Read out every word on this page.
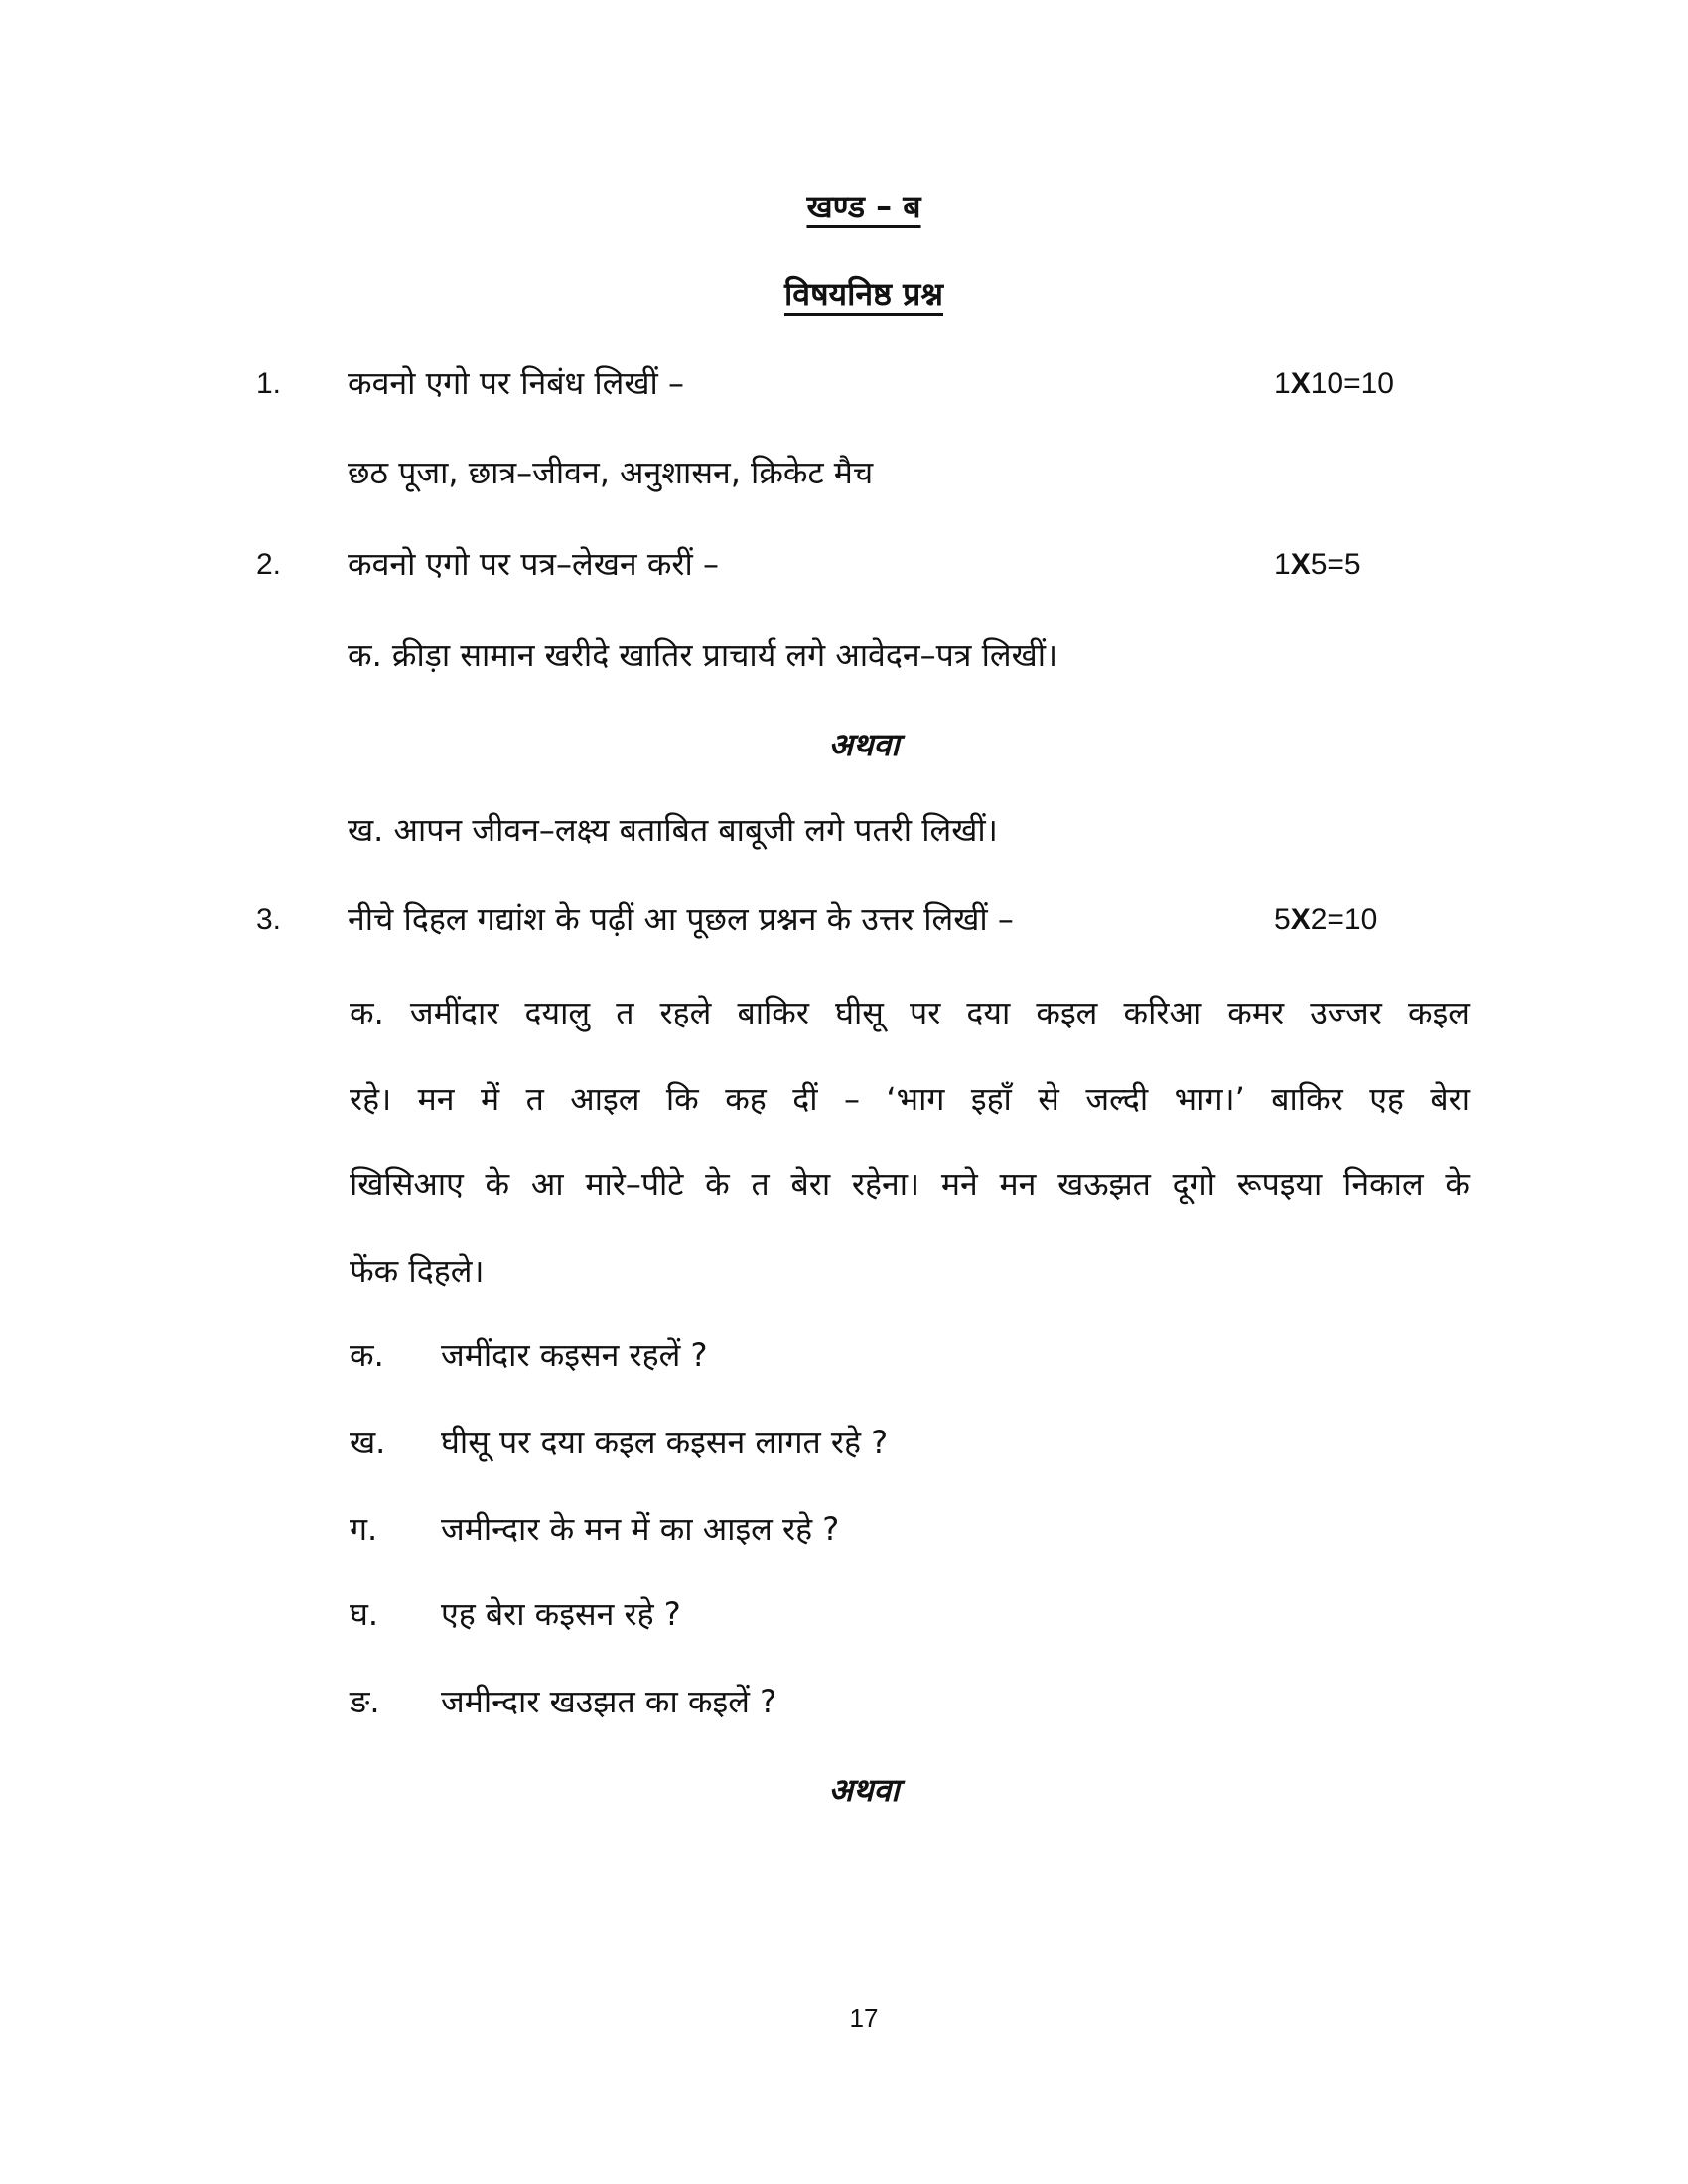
खण्ड – ब
विषयनिष्ठ प्रश्न
1. कवनो एगो पर निबंध लिखीं –	1X10=10
छठ पूजा, छात्र–जीवन, अनुशासन, क्रिकेट मैच
2. कवनो एगो पर पत्र–लेखन करीं –	1X5=5
क. क्रीड़ा सामान खरीदे खातिर प्राचार्य लगे आवेदन–पत्र लिखीं।
अथवा
ख. आपन जीवन–लक्ष्य बताबित बाबूजी लगे पतरी लिखीं।
3. नीचे दिहल गद्यांश के पढ़ीं आ पूछल प्रश्नन के उत्तर लिखीं –	5X2=10
क. जमींदार दयालु त रहले बाकिर घीसू पर दया कइल करिआ कमर उज्जर कइल
रहे। मन में त आइल कि कह दीं – ‘भाग इहाँ से जल्दी भाग।’ बाकिर एह बेरा
खिसिआए के आ मारे–पीटे के त बेरा रहेना। मने मन खऊझत दूगो रूपइया निकाल के
फेंक दिहले।
क. जमींदार कइसन रहलें ?
ख. घीसू पर दया कइल कइसन लागत रहे ?
ग. जमीन्दार के मन में का आइल रहे ?
घ. एह बेरा कइसन रहे ?
ङ. जमीन्दार खउझत का कइलें ?
अथवा
17
